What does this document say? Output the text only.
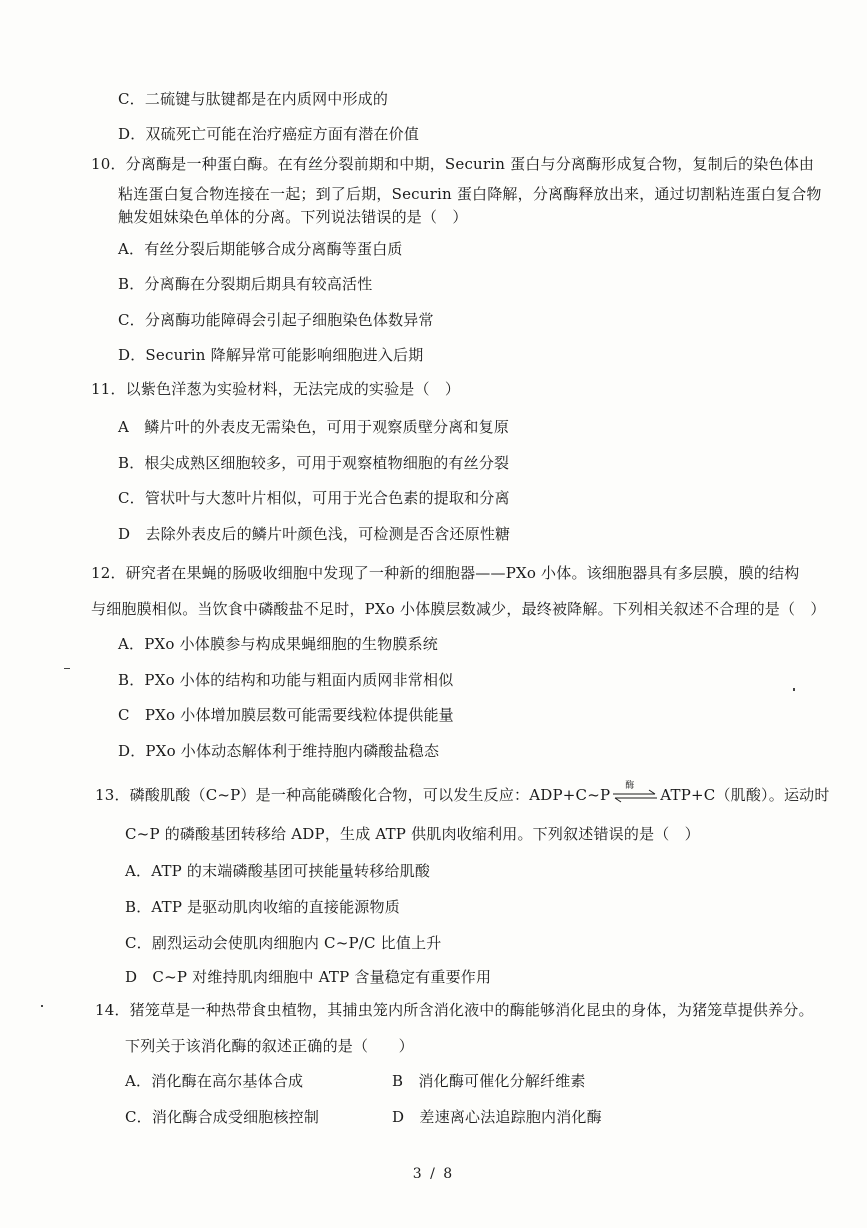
C．二硫键与肽键都是在内质网中形成的
D．双硫死亡可能在治疗癌症方面有潜在价值
10．分离酶是一种蛋白酶。在有丝分裂前期和中期，Securin 蛋白与分离酶形成复合物，复制后的染色体由
粘连蛋白复合物连接在一起；到了后期，Securin 蛋白降解，分离酶释放出来，通过切割粘连蛋白复合物
触发姐妹染色单体的分离。下列说法错误的是（　）
A．有丝分裂后期能够合成分离酶等蛋白质
B．分离酶在分裂期后期具有较高活性
C．分离酶功能障碍会引起子细胞染色体数异常
D．Securin 降解异常可能影响细胞进入后期
11．以紫色洋葱为实验材料，无法完成的实验是（　）
A　鳞片叶的外表皮无需染色，可用于观察质壁分离和复原
B．根尖成熟区细胞较多，可用于观察植物细胞的有丝分裂
C．管状叶与大葱叶片相似，可用于光合色素的提取和分离
D　去除外表皮后的鳞片叶颜色浅，可检测是否含还原性糖
12．研究者在果蝇的肠吸收细胞中发现了一种新的细胞器——PXo 小体。该细胞器具有多层膜，膜的结构
与细胞膜相似。当饮食中磷酸盐不足时，PXo 小体膜层数减少，最终被降解。下列相关叙述不合理的是（　）
A．PXo 小体膜参与构成果蝇细胞的生物膜系统
B．PXo 小体的结构和功能与粗面内质网非常相似
C　PXo 小体增加膜层数可能需要线粒体提供能量
D．PXo 小体动态解体利于维持胞内磷酸盐稳态
13．磷酸肌酸（C~P）是一种高能磷酸化合物，可以发生反应：ADP+C~P 酶 ATP+C（肌酸）。运动时
C~P 的磷酸基团转移给 ADP，生成 ATP 供肌肉收缩利用。下列叙述错误的是（　）
A．ATP 的末端磷酸基团可挟能量转移给肌酸
B．ATP 是驱动肌肉收缩的直接能源物质
C．剧烈运动会使肌肉细胞内 C~P/C 比值上升
D　C~P 对维持肌肉细胞中 ATP 含量稳定有重要作用
14．猪笼草是一种热带食虫植物，其捕虫笼内所含消化液中的酶能够消化昆虫的身体，为猪笼草提供养分。
下列关于该消化酶的叙述正确的是（　　）
A．消化酶在高尔基体合成	B　消化酶可催化分解纤维素
C．消化酶合成受细胞核控制	D　差速离心法追踪胞内消化酶
3 / 8
